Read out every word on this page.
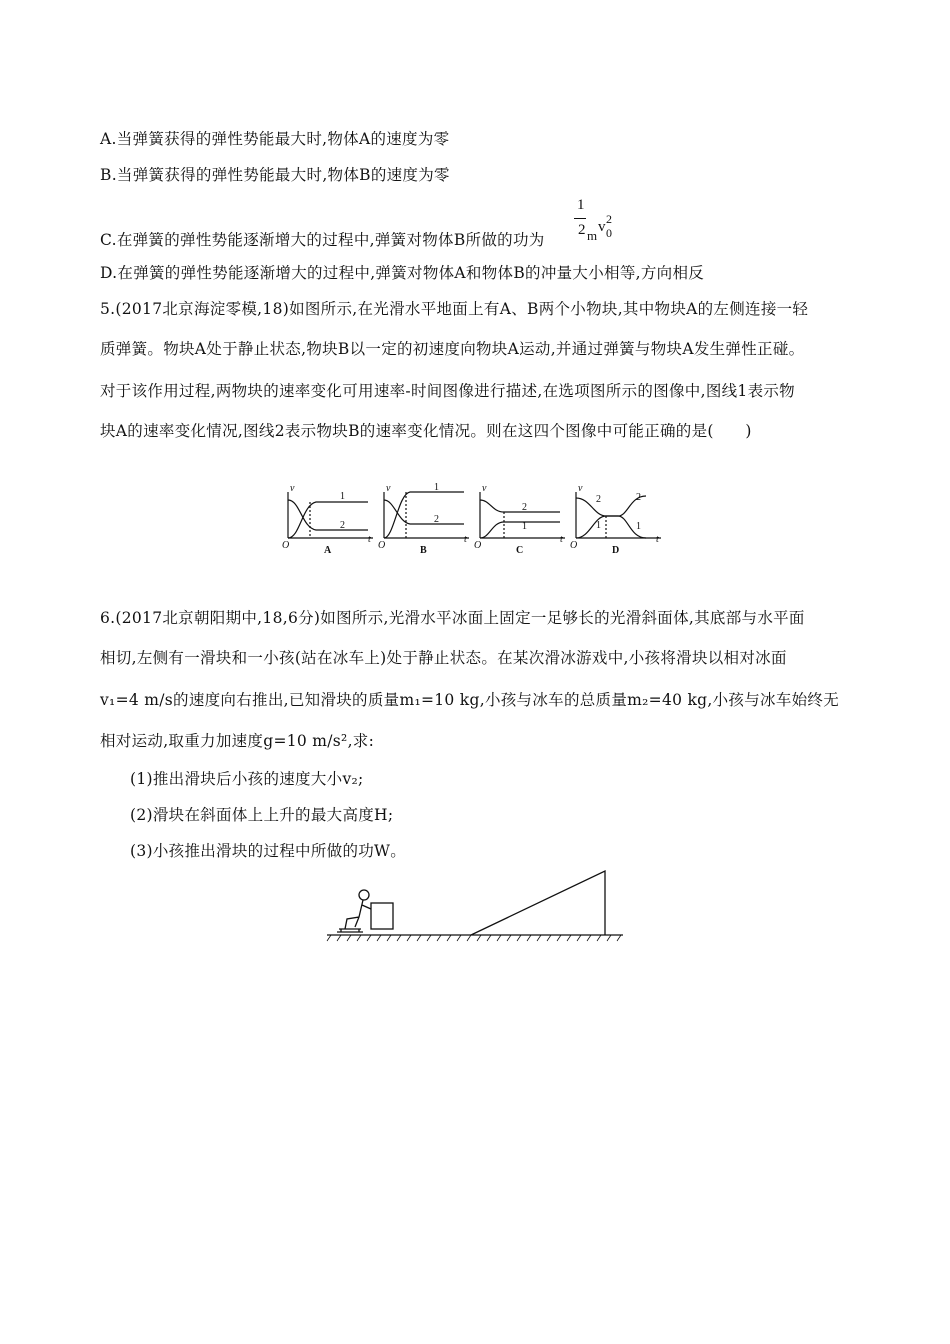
A.当弹簧获得的弹性势能最大时,物体A的速度为零
B.当弹簧获得的弹性势能最大时,物体B的速度为零
C.在弹簧的弹性势能逐渐增大的过程中,弹簧对物体B所做的功为
1
2 m
v 2
0
D.在弹簧的弹性势能逐渐增大的过程中,弹簧对物体A和物体B的冲量大小相等,方向相反
5.(2017北京海淀零模,18)如图所示,在光滑水平地面上有A、B两个小物块,其中物块A的左侧连接一轻
质弹簧。物块A处于静止状态,物块B以一定的初速度向物块A运动,并通过弹簧与物块A发生弹性正碰。
对于该作用过程,两物块的速率变化可用速率-时间图像进行描述,在选项图所示的图像中,图线1表示物
块A的速率变化情况,图线2表示物块B的速率变化情况。则在这四个图像中可能正确的是(　　)
v
t
O
1
2
A
v
t
O
1
2
B
v
t
O
2
1
C
v
t
O
2
1
2
1
D
6.(2017北京朝阳期中,18,6分)如图所示,光滑水平冰面上固定一足够长的光滑斜面体,其底部与水平面
相切,左侧有一滑块和一小孩(站在冰车上)处于静止状态。在某次滑冰游戏中,小孩将滑块以相对冰面
v₁=4 m/s的速度向右推出,已知滑块的质量m₁=10 kg,小孩与冰车的总质量m₂=40 kg,小孩与冰车始终无
相对运动,取重力加速度g=10 m/s²,求:
(1)推出滑块后小孩的速度大小v₂;
(2)滑块在斜面体上上升的最大高度H;
(3)小孩推出滑块的过程中所做的功W。
